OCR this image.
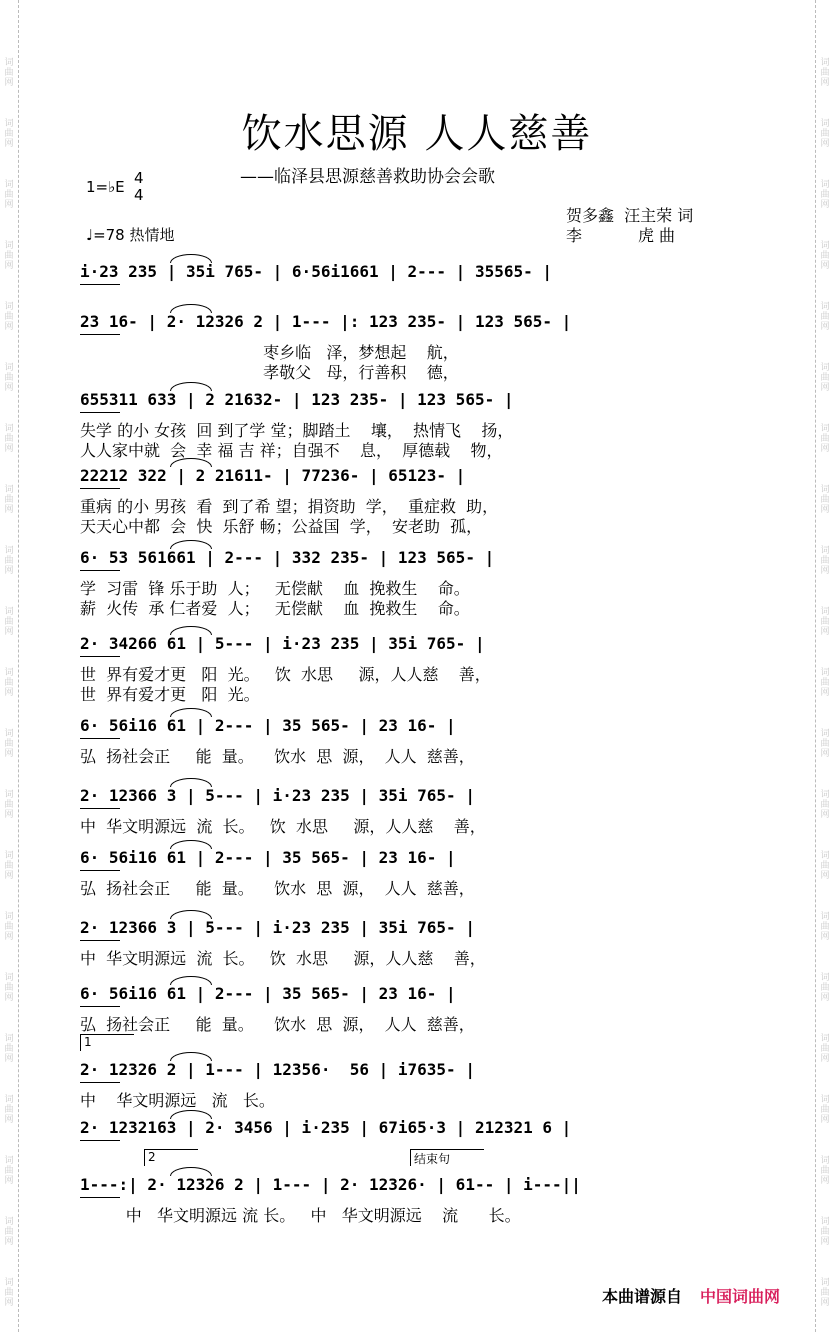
饮水思源 人人慈善
——临泽县思源慈善救助协会会歌
1=♭E 4
4
♩=78 热情地
贺多鑫  汪主荣 词
李           虎 曲
i·23 235 | 35i 765- | 6·56i1661 | 2--- | 35565- |
23 16- | 2· 12326 2 | 1--- |: 123 235- | 123 565- |
枣乡临   泽，梦想起    航，
孝敬父   母，行善积    德，
655311 633 | 2 21632- | 123 235- | 123 565- |
失学 的小 女孩  回 到了学 堂；脚踏土    壤，  热情飞    扬，
人人家中就  会  幸 福 吉 祥；自强不    息，  厚德载    物，
22212 322 | 2 21611- | 77236- | 65123- |
重病 的小 男孩  看  到了希 望；捐资助  学，  重症救  助，
天天心中都  会  快  乐舒 畅；公益国  学，  安老助  孤，
6· 53 561661 | 2--- | 332 235- | 123 565- |
学  习雷  锋 乐于助  人；   无偿献    血  挽救生    命。
薪  火传  承 仁者爱  人；   无偿献    血  挽救生    命。
2· 34266 61 | 5--- | i·23 235 | 35i 765- |
世  界有爱才更   阳  光。   饮  水思     源，人人慈    善，
世  界有爱才更   阳  光。
6· 56i16 61 | 2--- | 35 565- | 23 16- |
弘  扬社会正     能  量。    饮水  思  源，  人人  慈善，
2· 12366 3 | 5--- | i·23 235 | 35i 765- |
中  华文明源远  流  长。   饮  水思     源，人人慈    善，
6· 56i16 61 | 2--- | 35 565- | 23 16- |
弘  扬社会正     能  量。    饮水  思  源，  人人  慈善，
2· 12366 3 | 5--- | i·23 235 | 35i 765- |
中  华文明源远  流  长。   饮  水思     源，人人慈    善，
6· 56i16 61 | 2--- | 35 565- | 23 16- |
弘  扬社会正     能  量。    饮水  思  源，  人人  慈善，
2· 12326 2 | 1--- | 12356·  56 | i7635- |
中    华文明源远   流   长。
1
2· 1232163 | 2· 3456 | i·235 | 67i65·3 | 212321 6 |
1---:| 2· 12326 2 | 1--- | 2· 12326· | 61-- | i---||
中   华文明源远 流 长。   中   华文明源远    流      长。
2	结束句
本曲谱源自 中国词曲网
词
曲
网
词
曲
网
词
曲
网
词
曲
网
词
曲
网
词
曲
网
词
曲
网
词
曲
网
词
曲
网
词
曲
网
词
曲
网
词
曲
网
词
曲
网
词
曲
网
词
曲
网
词
曲
网
词
曲
网
词
曲
网
词
曲
网
词
曲
网
词
曲
网
词
曲
网
词
曲
网
词
曲
网
词
曲
网
词
曲
网
词
曲
网
词
曲
网
词
曲
网
词
曲
网
词
曲
网
词
曲
网
词
曲
网
词
曲
网
词
曲
网
词
曲
网
词
曲
网
词
曲
网
词
曲
网
词
曲
网
词
曲
网
词
曲
网
